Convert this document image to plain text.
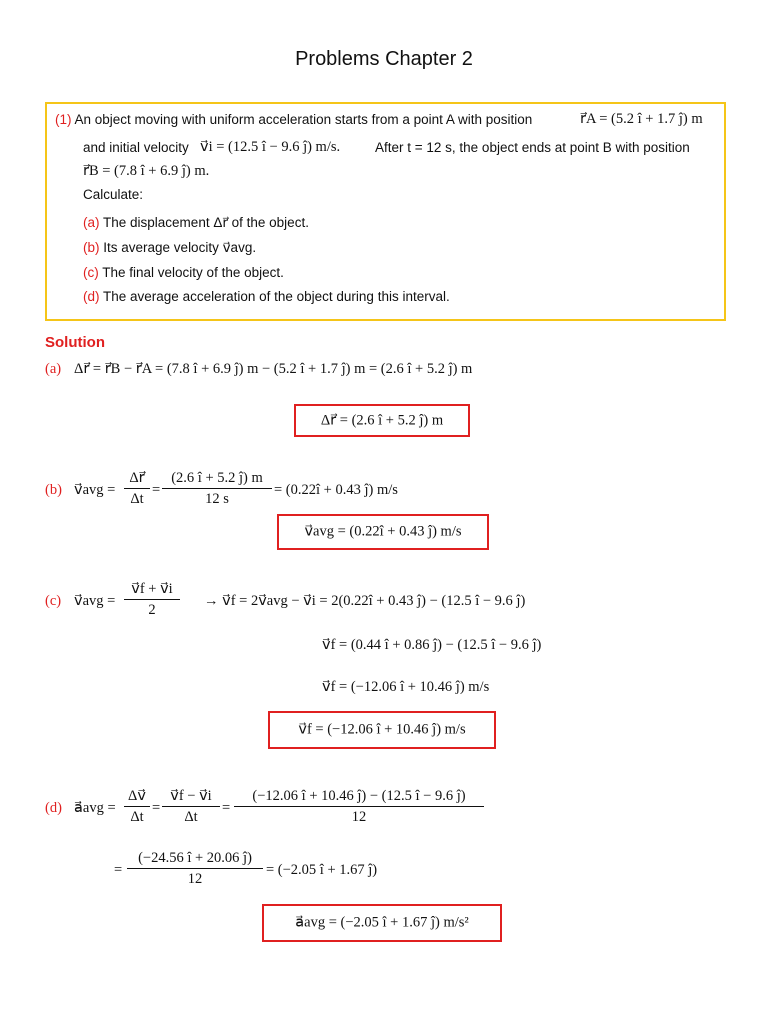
Problems Chapter 2
(1) An object moving with uniform acceleration starts from a point A with position	r⃗A = (5.2 î + 1.7 ĵ) m
and initial velocity v⃗i = (12.5 î − 9.6 ĵ) m/s.	After t = 12 s, the object ends at point B with position
r⃗B = (7.8 î + 6.9 ĵ) m.
Calculate:
(a) The displacement Δr⃗ of the object.
(b) Its average velocity v⃗avg.
(c) The final velocity of the object.
(d) The average acceleration of the object during this interval.
Solution
(a) Δr⃗ = r⃗B − r⃗A = (7.8 î + 6.9 ĵ) m − (5.2 î + 1.7 ĵ) m = (2.6 î + 5.2 ĵ) m
Δr⃗ = (2.6 î + 5.2 ĵ) m
(b) v⃗avg =
Δr⃗
Δt
=
(2.6 î + 5.2 ĵ) m
12 s
= (0.22î + 0.43 ĵ) m/s
v⃗avg = (0.22î + 0.43 ĵ) m/s
(c) v⃗avg =
v⃗f + v⃗i
2
→ v⃗f = 2v⃗avg − v⃗i = 2(0.22î + 0.43 ĵ) − (12.5 î − 9.6 ĵ)
v⃗f = (0.44 î + 0.86 ĵ) − (12.5 î − 9.6 ĵ)
v⃗f = (−12.06 î + 10.46 ĵ) m/s
v⃗f = (−12.06 î + 10.46 ĵ) m/s
(d) a⃗avg =
Δv⃗
Δt
=
v⃗f − v⃗i
Δt
=
(−12.06 î + 10.46 ĵ) − (12.5 î − 9.6 ĵ)
12
=
(−24.56 î + 20.06 ĵ)
12
= (−2.05 î + 1.67 ĵ)
a⃗avg = (−2.05 î + 1.67 ĵ) m/s²
